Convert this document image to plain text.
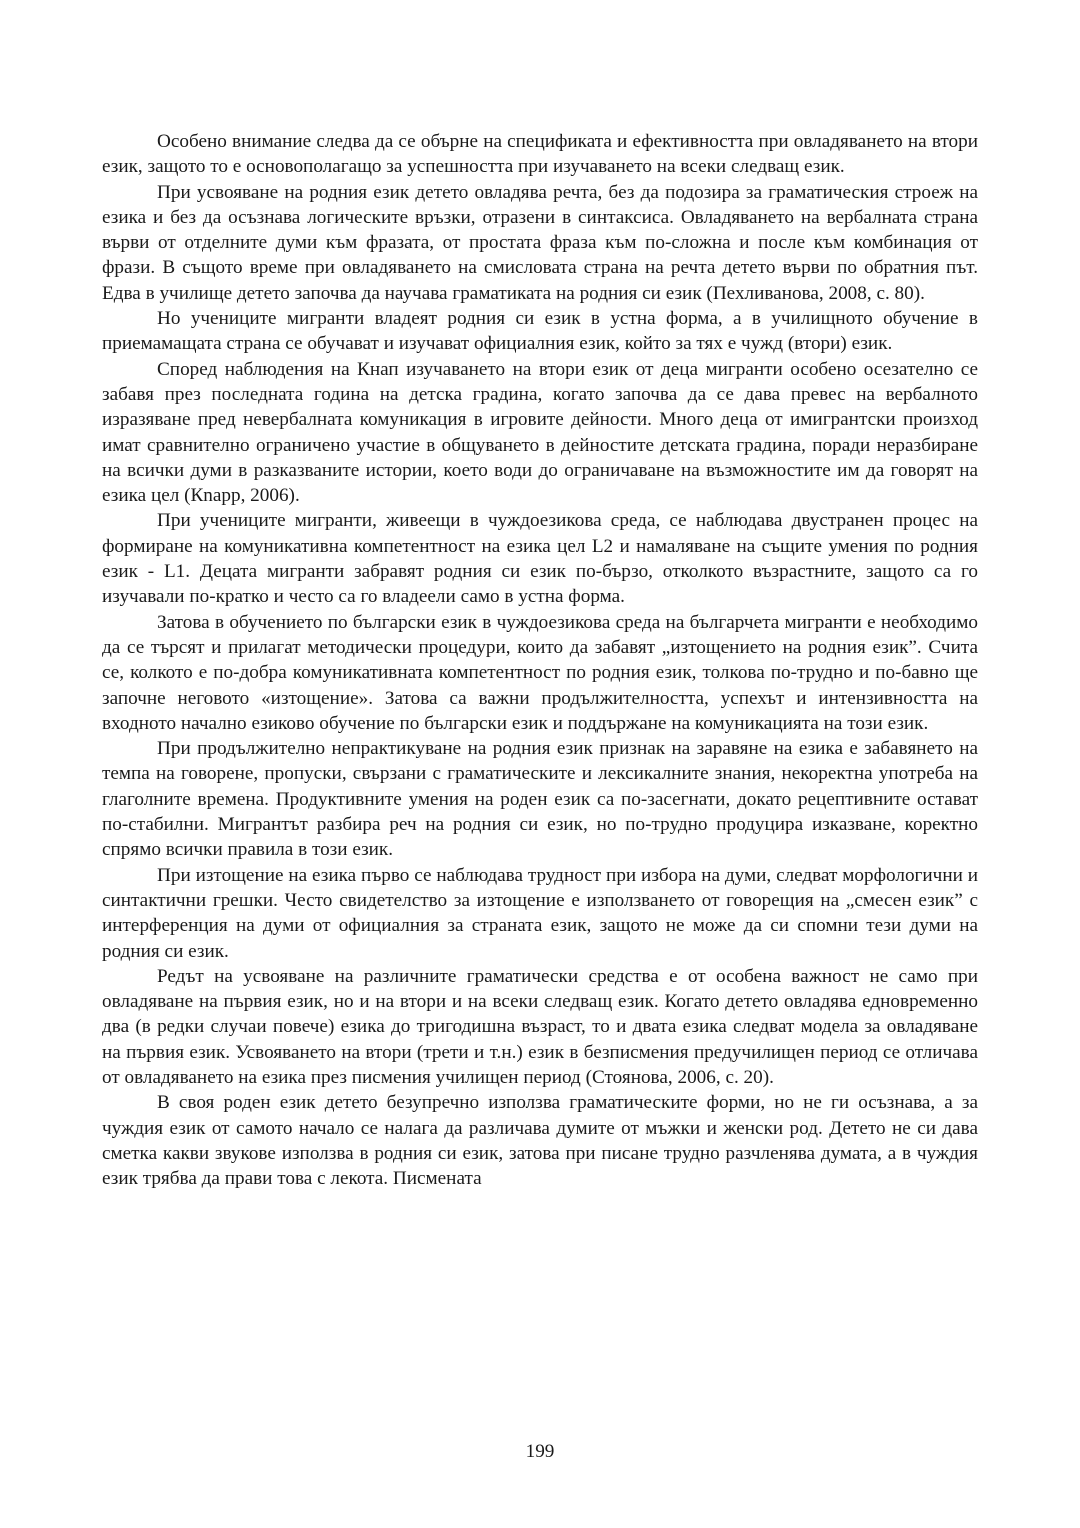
Особено внимание следва да се обърне на спецификата и ефективността при овладяването на втори език, защото то е основополагащо за успешността при изучаването на всеки следващ език.

При усвояване на родния език детето овладява речта, без да подозира за граматическия строеж на езика и без да осъзнава логическите връзки, отразени в синтаксиса. Овладяването на вербалната страна върви от отделните думи към фразата, от простата фраза към по-сложна и после към комбинация от фрази. В същото време при овладяването на смисловата страна на речта детето върви по обратния път. Едва в училище детето започва да научава граматиката на родния си език (Пехливанова, 2008, с. 80).

Но учениците мигранти владеят родния си език в устна форма, а в училищното обучение в приемамащата страна се обучават и изучават официалния език, който за тях е чужд (втори) език.

Според наблюдения на Кнап изучаването на втори език от деца мигранти особено осезателно се забавя през последната година на детска градина, когато започва да се дава превес на вербалното изразяване пред невербалната комуникация в игровите дейности. Много деца от имигрантски произход имат сравнително ограничено участие в общуването в дейностите детската градина, поради неразбиране на всички думи в разказваните истории, което води до ограничаване на възможностите им да говорят на езика цел (Кnapp, 2006).

При учениците мигранти, живеещи в чуждоезикова среда, се наблюдава двустранен процес на формиране на комуникативна компетентност на езика цел L2 и намаляване на същите умения по родния език - L1. Децата мигранти забравят родния си език по-бързо, отколкото възрастните, защото са го изучавали по-кратко и често са го владеели само в устна форма.

Затова в обучението по български език в чуждоезикова среда на българчета мигранти е необходимо да се търсят и прилагат методически процедури, които да забавят „изтощението на родния език”. Счита се, колкото е по-добра комуникативната компетентност по родния език, толкова по-трудно и по-бавно ще започне неговото «изтощение». Затова са важни продължителността, успехът и интензивността на входното начално езиково обучение по български език и поддържане на комуникацията на този език.

При продължително непрактикуване на родния език признак на заравяне на езика е забавянето на темпа на говорене, пропуски, свързани с граматическите и лексикалните знания, некоректна употреба на глаголните времена. Продуктивните умения на роден език са по-засегнати, докато рецептивните остават по-стабилни. Мигрантът разбира реч на родния си език, но по-трудно продуцира изказване, коректно спрямо всички правила в този език.

При изтощение на езика първо се наблюдава трудност при избора на думи, следват морфологични и синтактични грешки. Често свидетелство за изтощение е използването от говорещия на „смесен език” с интерференция на думи от официалния за страната език, защото не може да си спомни тези думи на родния си език.

Редът на усвояване на различните граматически средства е от особена важност не само при овладяване на първия език, но и на втори и на всеки следващ език. Когато детето овладява едновременно два (в редки случаи повече) езика до тригодишна възраст, то и двата езика следват модела за овладяване на първия език. Усвояването на втори (трети и т.н.) език в безписмения предучилищен период се отличава от овладяването на езика през писмения училищен период (Стоянова, 2006, с. 20).

В своя роден език детето безупречно използва граматическите форми, но не ги осъзнава, а за чуждия език от самото начало се налага да различава думите от мъжки и женски род. Детето не си дава сметка какви звукове използва в родния си език, затова при писане трудно разчленява думата, а в чуждия език трябва да прави това с лекота. Писмената

199
